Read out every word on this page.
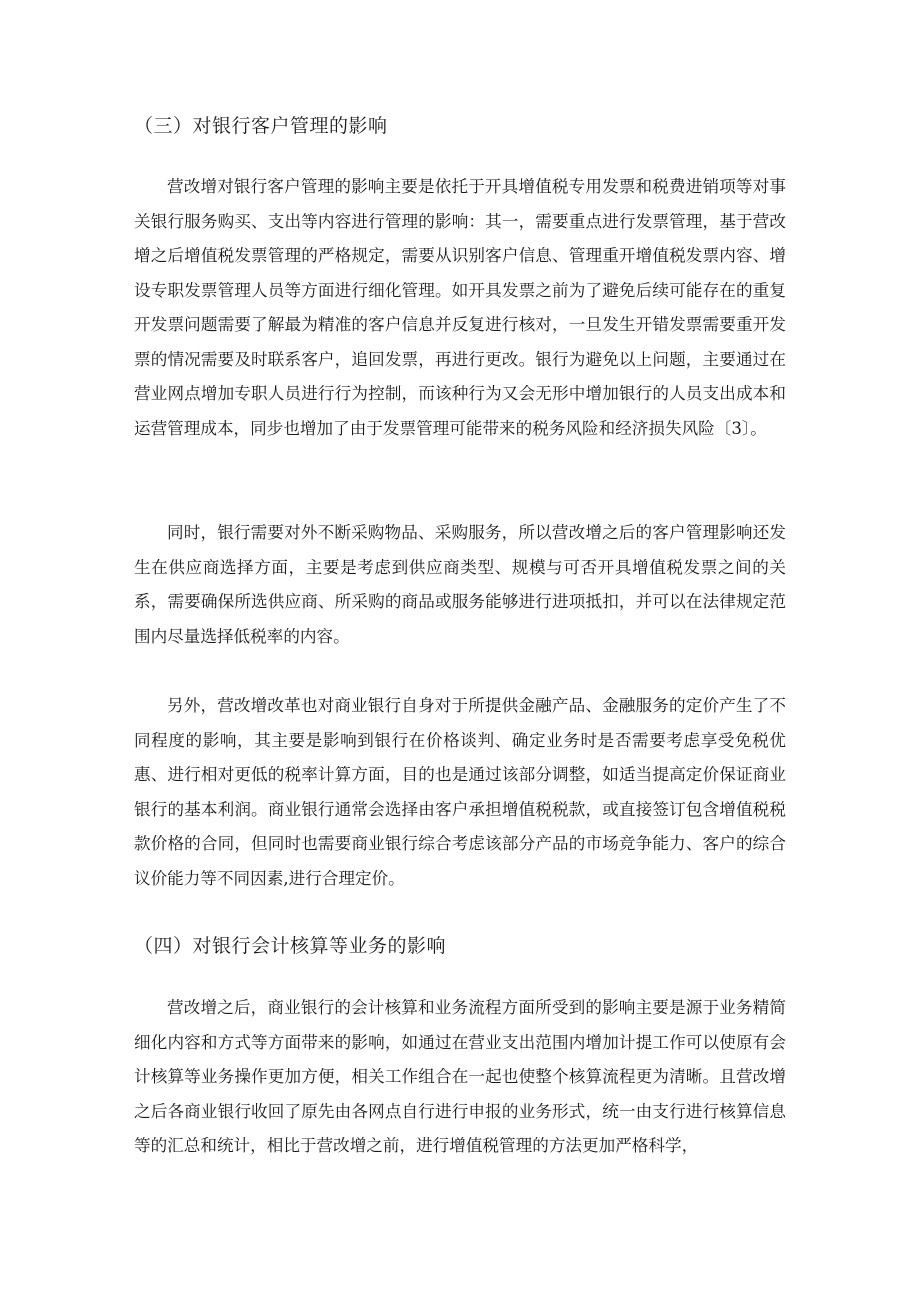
（三）对银行客户管理的影响

营改增对银行客户管理的影响主要是依托于开具增值税专用发票和税费进销项等对事关银行服务购买、支出等内容进行管理的影响：其一，需要重点进行发票管理，基于营改增之后增值税发票管理的严格规定，需要从识别客户信息、管理重开增值税发票内容、增设专职发票管理人员等方面进行细化管理。如开具发票之前为了避免后续可能存在的重复开发票问题需要了解最为精准的客户信息并反复进行核对，一旦发生开错发票需要重开发票的情况需要及时联系客户，追回发票，再进行更改。银行为避免以上问题，主要通过在营业网点增加专职人员进行行为控制，而该种行为又会无形中增加银行的人员支出成本和运营管理成本，同步也增加了由于发票管理可能带来的税务风险和经济损失风险〔3〕。

同时，银行需要对外不断采购物品、采购服务，所以营改增之后的客户管理影响还发生在供应商选择方面，主要是考虑到供应商类型、规模与可否开具增值税发票之间的关系，需要确保所选供应商、所采购的商品或服务能够进行进项抵扣，并可以在法律规定范围内尽量选择低税率的内容。

另外，营改增改革也对商业银行自身对于所提供金融产品、金融服务的定价产生了不同程度的影响，其主要是影响到银行在价格谈判、确定业务时是否需要考虑享受免税优惠、进行相对更低的税率计算方面，目的也是通过该部分调整，如适当提高定价保证商业银行的基本利润。商业银行通常会选择由客户承担增值税税款，或直接签订包含增值税税款价格的合同，但同时也需要商业银行综合考虑该部分产品的市场竞争能力、客户的综合议价能力等不同因素,进行合理定价。

（四）对银行会计核算等业务的影响

营改增之后，商业银行的会计核算和业务流程方面所受到的影响主要是源于业务精简细化内容和方式等方面带来的影响，如通过在营业支出范围内增加计提工作可以使原有会计核算等业务操作更加方便，相关工作组合在一起也使整个核算流程更为清晰。且营改增之后各商业银行收回了原先由各网点自行进行申报的业务形式，统一由支行进行核算信息等的汇总和统计，相比于营改增之前，进行增值税管理的方法更加严格科学，
